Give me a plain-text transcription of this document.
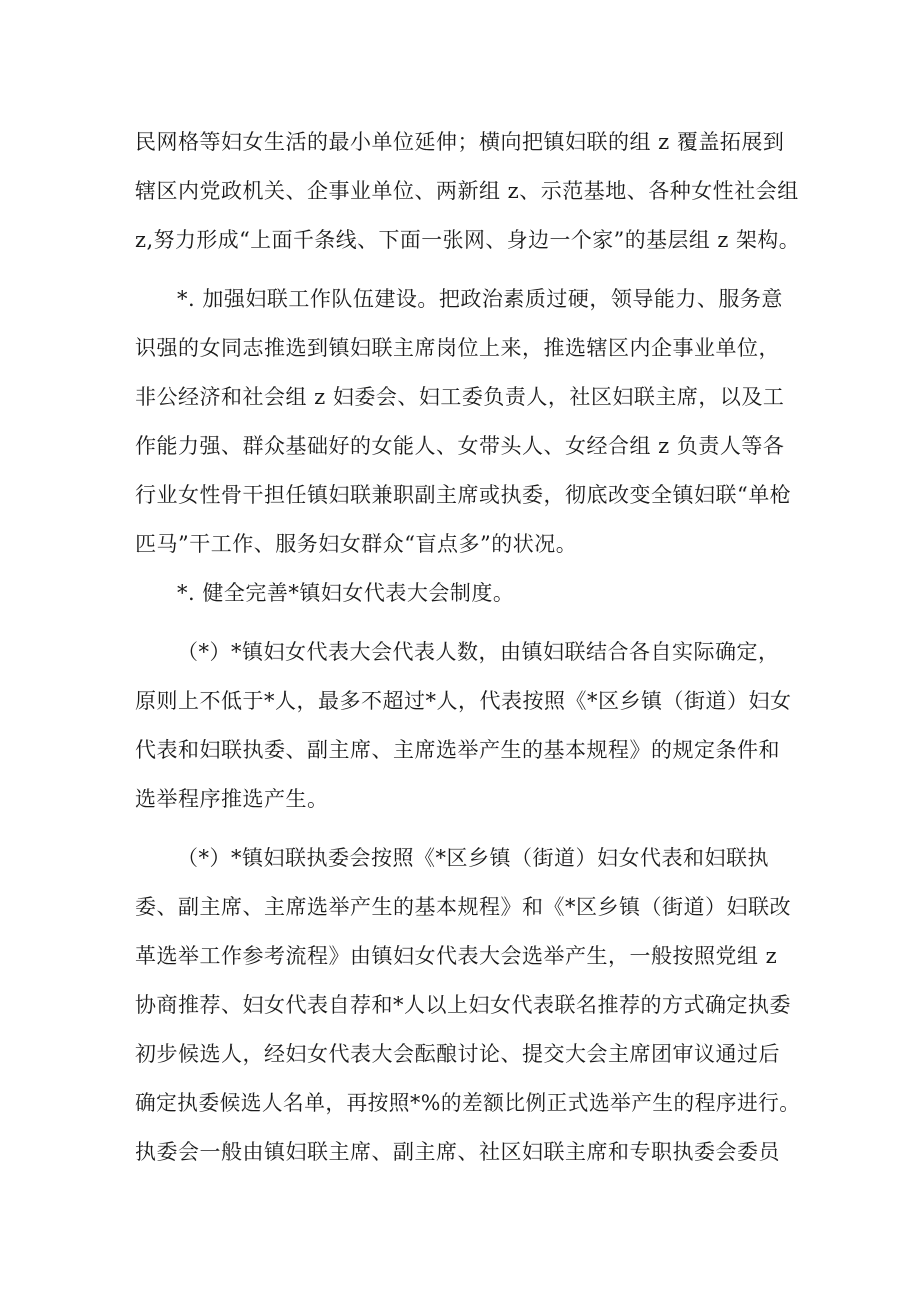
民网格等妇女生活的最小单位延伸；横向把镇妇联的组 z 覆盖拓展到
辖区内党政机关、企事业单位、两新组 z、示范基地、各种女性社会组
z,努力形成“上面千条线、下面一张网、身边一个家”的基层组 z 架构。
*. 加强妇联工作队伍建设。把政治素质过硬，领导能力、服务意
识强的女同志推选到镇妇联主席岗位上来，推选辖区内企事业单位，
非公经济和社会组 z 妇委会、妇工委负责人，社区妇联主席，以及工
作能力强、群众基础好的女能人、女带头人、女经合组 z 负责人等各
行业女性骨干担任镇妇联兼职副主席或执委，彻底改变全镇妇联“单枪
匹马”干工作、服务妇女群众“盲点多”的状况。
*. 健全完善*镇妇女代表大会制度。
（*）*镇妇女代表大会代表人数，由镇妇联结合各自实际确定，
原则上不低于*人，最多不超过*人，代表按照《*区乡镇（街道）妇女
代表和妇联执委、副主席、主席选举产生的基本规程》的规定条件和
选举程序推选产生。
（*）*镇妇联执委会按照《*区乡镇（街道）妇女代表和妇联执
委、副主席、主席选举产生的基本规程》和《*区乡镇（街道）妇联改
革选举工作参考流程》由镇妇女代表大会选举产生，一般按照党组 z
协商推荐、妇女代表自荐和*人以上妇女代表联名推荐的方式确定执委
初步候选人，经妇女代表大会酝酿讨论、提交大会主席团审议通过后
确定执委候选人名单，再按照*%的差额比例正式选举产生的程序进行。
执委会一般由镇妇联主席、副主席、社区妇联主席和专职执委会委员
